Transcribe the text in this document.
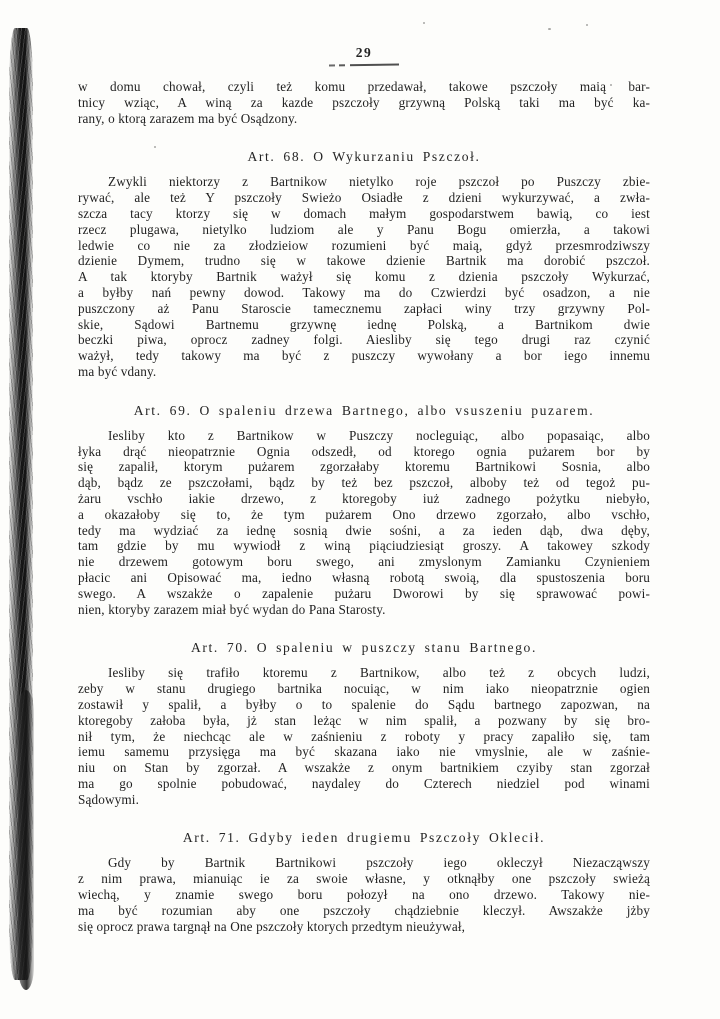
29
w domu chował, czyli też komu przedawał, takowe pszczoły maią bar-
tnicy wziąc, A winą za kazde pszczoły grzywną Polską taki ma być ka-
rany, o ktorą zarazem ma być Osądzony.
Art. 68. O Wykurzaniu Pszczoł.
Zwykli niektorzy z Bartnikow nietylko roje pszczoł po Puszczy zbie-
rywać, ale też Y pszczoły Swieżo Osiadłe z dzieni wykurzywać, a zwła-
szcza tacy ktorzy się w domach małym gospodarstwem bawią, co iest
rzecz plugawa, nietylko ludziom ale y Panu Bogu omierzła, a takowi
ledwie co nie za złodzieiow rozumieni być maią, gdyż przesmrodziwszy
dzienie Dymem, trudno się w takowe dzienie Bartnik ma dorobić pszczoł.
A tak ktoryby Bartnik ważył się komu z dzienia pszczoły Wykurzać,
a byłby nań pewny dowod. Takowy ma do Czwierdzi być osadzon, a nie
puszczony aż Panu Staroscie tamecznemu zapłaci winy trzy grzywny Pol-
skie, Sądowi Bartnemu grzywnę iednę Polską, a Bartnikom dwie
beczki piwa, oprocz zadney folgi. Aiesliby się tego drugi raz czynić
ważył, tedy takowy ma być z puszczy wywołany a bor iego innemu
ma być vdany.
Art. 69. O spaleniu drzewa Bartnego, albo vsuszeniu puzarem.
Iesliby kto z Bartnikow w Puszczy nocleguiąc, albo popasaiąc, albo
łyka drąć nieopatrznie Ognia odszedł, od ktorego ognia pużarem bor by
się zapalił, ktorym pużarem zgorzałaby ktoremu Bartnikowi Sosnia, albo
dąb, bądz ze pszczołami, bądz by też bez pszczoł, alboby też od tegoż pu-
żaru vschło iakie drzewo, z ktoregoby iuż zadnego pożytku niebyło,
a okazałoby się to, że tym pużarem Ono drzewo zgorzało, albo vschło,
tedy ma wydziać za iednę sosnią dwie sośni, a za ieden dąb, dwa dęby,
tam gdzie by mu wywiodł z winą piąciudziesiąt groszy. A takowey szkody
nie drzewem gotowym boru swego, ani zmyslonym Zamianku Czynieniem
płacic ani Opisować ma, iedno własną robotą swoią, dla spustoszenia boru
swego. A wszakże o zapalenie pużaru Dworowi by się sprawować powi-
nien, ktoryby zarazem miał być wydan do Pana Starosty.
Art. 70. O spaleniu w puszczy stanu Bartnego.
Iesliby się trafiło ktoremu z Bartnikow, albo też z obcych ludzi,
zeby w stanu drugiego bartnika nocuiąc, w nim iako nieopatrznie ogien
zostawił y spalił, a byłby o to spalenie do Sądu bartnego zapozwan, na
ktoregoby załoba była, jż stan leżąc w nim spalił, a pozwany by się bro-
nił tym, że niechcąc ale w zaśnieniu z roboty y pracy zapaliło się, tam
iemu samemu przysięga ma być skazana iako nie vmyslnie, ale w zaśnie-
niu on Stan by zgorzał. A wszakże z onym bartnikiem czyiby stan zgorzał
ma go spolnie pobudować, naydaley do Czterech niedziel pod winami
Sądowymi.
Art. 71. Gdyby ieden drugiemu Pszczoły Oklecił.
Gdy by Bartnik Bartnikowi pszczoły iego okleczył Niezacząwszy
z nim prawa, mianuiąc ie za swoie własne, y otknąłby one pszczoły swieżą
wiechą, y znamie swego boru połozył na ono drzewo. Takowy nie-
ma być rozumian aby one pszczoły chądziebnie kleczył. Awszakże jżby
się oprocz prawa targnął na One pszczoły ktorych przedtym nieużywał,
